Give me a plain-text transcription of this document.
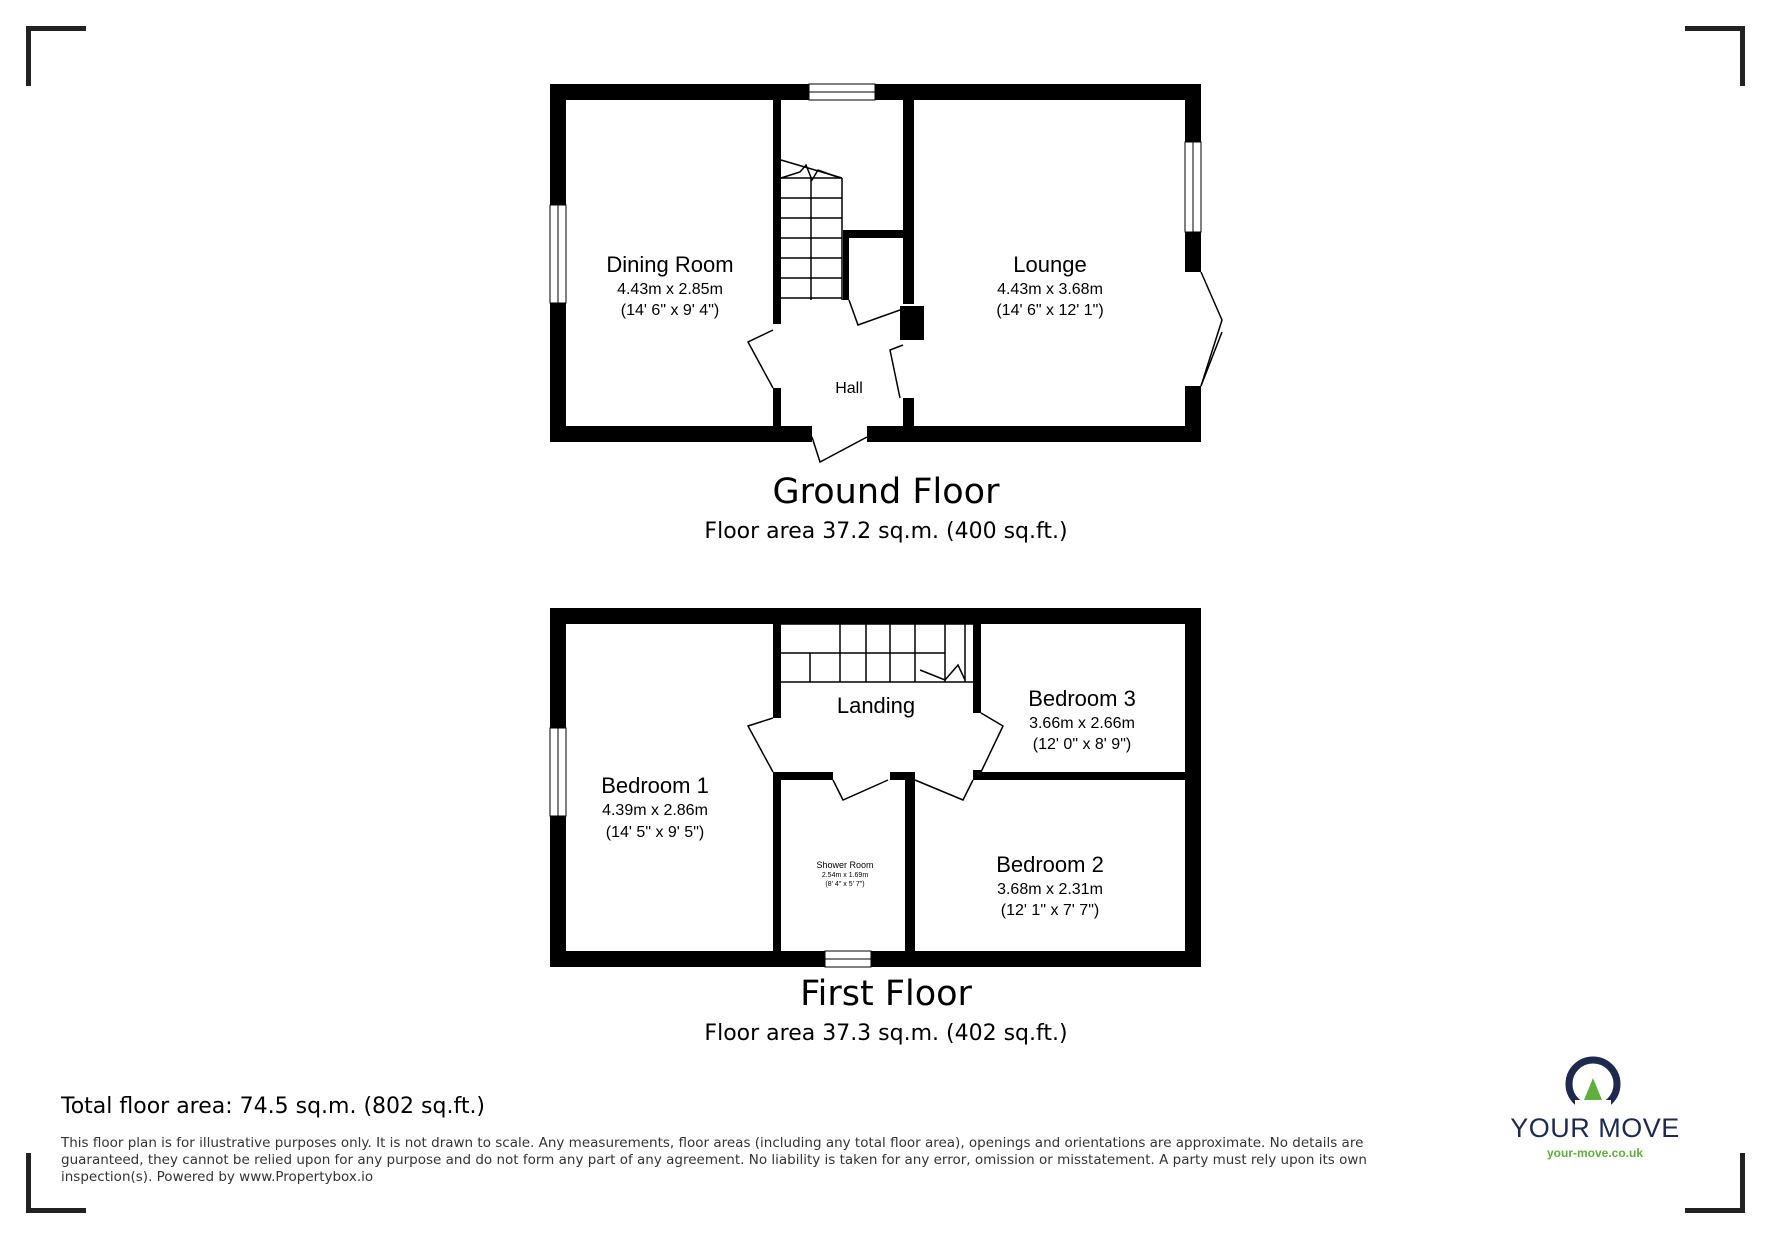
Dining Room
4.43m x 2.85m
(14' 6" x 9' 4")
Lounge
4.43m x 3.68m
(14' 6" x 12' 1")
Hall
Ground Floor
Floor area 37.2 sq.m. (400 sq.ft.)
Bedroom 1
4.39m x 2.86m
(14' 5" x 9' 5")
Landing	Bedroom 3
3.66m x 2.66m
(12' 0" x 8' 9")
Bedroom 2
3.68m x 2.31m
(12' 1" x 7' 7")
Shower Room
2.54m x 1.69m
(8' 4" x 5' 7")
First Floor
Floor area 37.3 sq.m. (402 sq.ft.)
Total floor area: 74.5 sq.m. (802 sq.ft.)
YOUR MOVE
your-move.co.uk

This floor plan is for illustrative purposes only. It is not drawn to scale. Any measurements, floor areas (including any total floor area), openings and orientations are approximate. No details are guaranteed, they cannot be relied upon for any purpose and do not form any part of any agreement. No liability is taken for any error, omission or misstatement. A party must rely upon its own inspection(s). Powered by www.Propertybox.io
